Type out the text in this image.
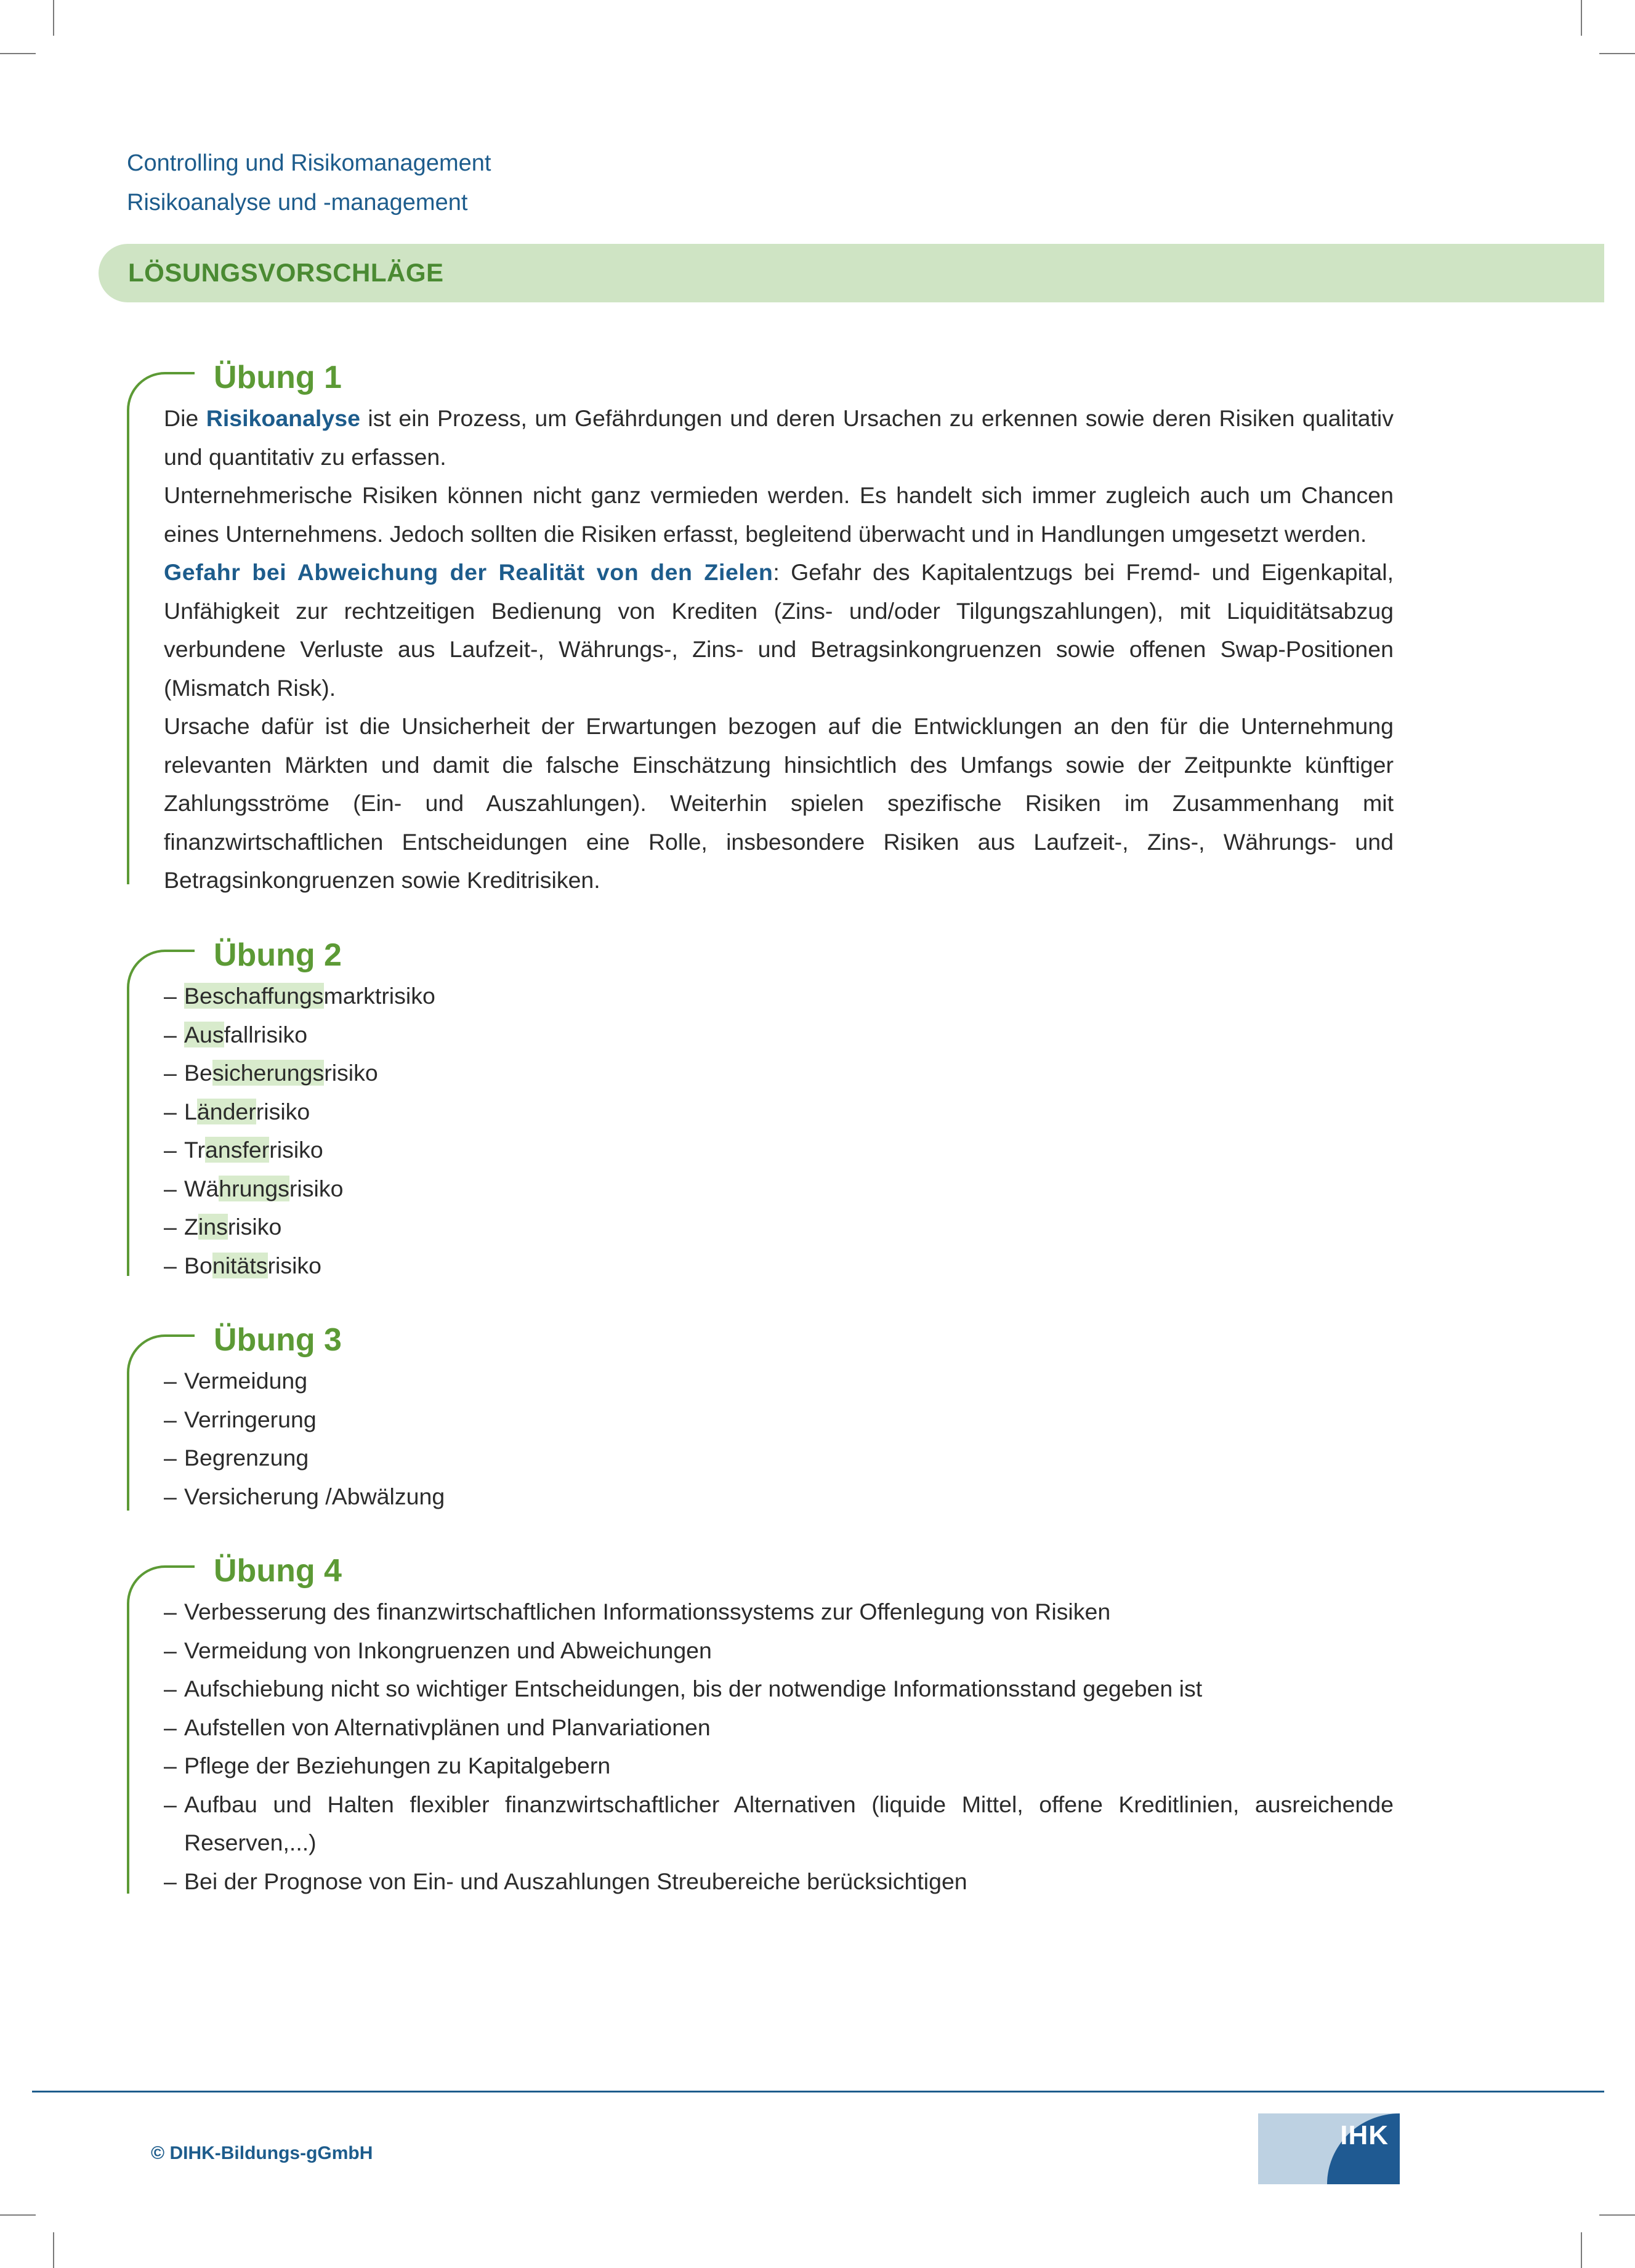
Controlling und Risikomanagement
Risikoanalyse und -management
LÖSUNGSVORSCHLÄGE
Übung 1

Die Risikoanalyse ist ein Prozess, um Gefährdungen und deren Ursachen zu erkennen sowie deren Risiken qualitativ und quantitativ zu erfassen.

Unternehmerische Risiken können nicht ganz vermieden werden. Es handelt sich immer zugleich auch um Chancen eines Unternehmens. Jedoch sollten die Risiken erfasst, begleitend überwacht und in Handlungen umgesetzt werden.

Gefahr bei Abweichung der Realität von den Zielen: Gefahr des Kapitalentzugs bei Fremd- und Eigenkapital, Unfähigkeit zur rechtzeitigen Bedienung von Krediten (Zins- und/oder Tilgungszahlungen), mit Liquiditätsabzug verbundene Verluste aus Laufzeit-, Währungs-, Zins- und Betragsinkongruenzen sowie offenen Swap-Positionen (Mismatch Risk).

Ursache dafür ist die Unsicherheit der Erwartungen bezogen auf die Entwicklungen an den für die Unternehmung relevanten Märkten und damit die falsche Einschätzung hinsichtlich des Umfangs sowie der Zeitpunkte künftiger Zahlungsströme (Ein- und Auszahlungen). Weiterhin spielen spezifische Risiken im Zusammenhang mit finanzwirtschaftlichen Entscheidungen eine Rolle, insbesondere Risiken aus Laufzeit-, Zins-, Währungs- und Betragsinkongruenzen sowie Kreditrisiken.

Übung 2
– Beschaffungsmarktrisiko
– Ausfallrisiko
– Besicherungsrisiko
– Länderrisiko
– Transferrisiko
– Währungsrisiko
– Zinsrisiko
– Bonitätsrisiko
Übung 3
– Vermeidung
– Verringerung
– Begrenzung
– Versicherung /Abwälzung
Übung 4
– Verbesserung des finanzwirtschaftlichen Informationssystems zur Offenlegung von Risiken
– Vermeidung von Inkongruenzen und Abweichungen
– Aufschiebung nicht so wichtiger Entscheidungen, bis der notwendige Informationsstand gegeben ist
– Aufstellen von Alternativplänen und Planvariationen
– Pflege der Beziehungen zu Kapitalgebern
– Aufbau und Halten flexibler finanzwirtschaftlicher Alternativen (liquide Mittel, offene Kreditlinien, ausreichende Reserven,...)
– Bei der Prognose von Ein- und Auszahlungen Streubereiche berücksichtigen
© DIHK-Bildungs-gGmbH
IHK
